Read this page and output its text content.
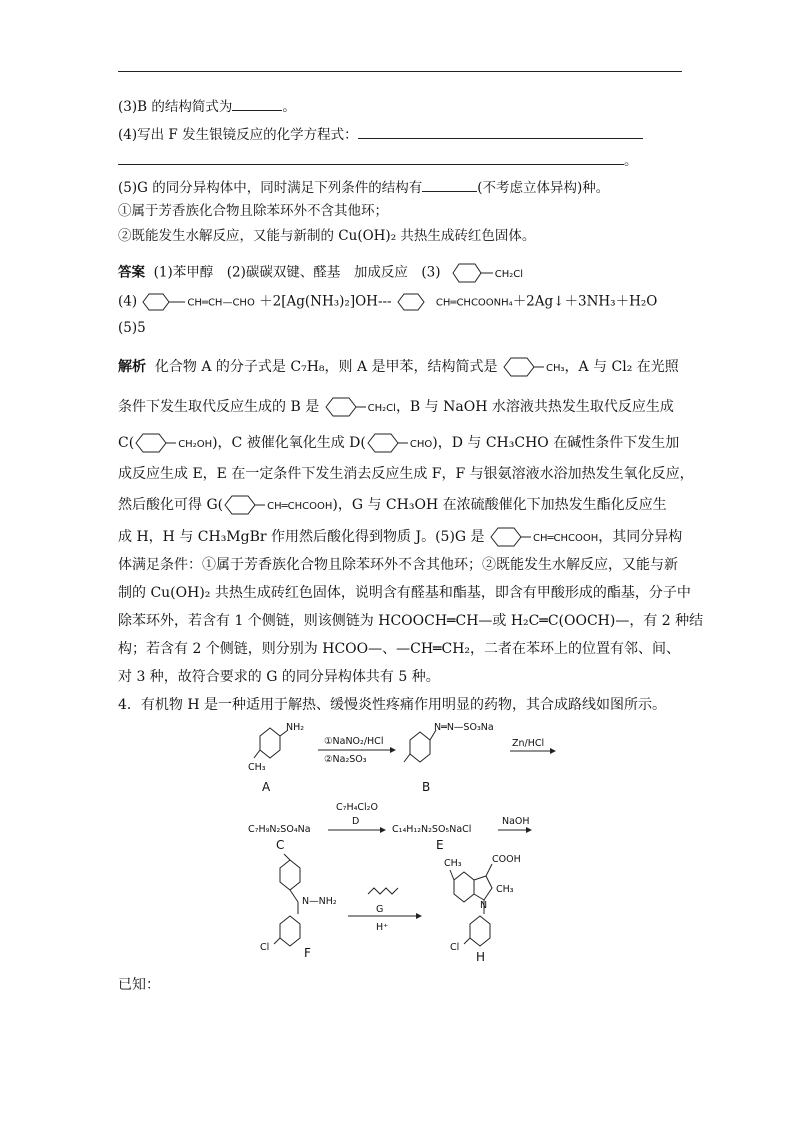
(3)B 的结构简式为	。
(4)写出 F 发生银镜反应的化学方程式：
。
(5)G 的同分异构体中，同时满足下列条件的结构有	(不考虑立体异构)种。
①属于芳香族化合物且除苯环外不含其他环；
②既能发生水解反应，又能与新制的 Cu(OH)₂ 共热生成砖红色固体。
答案 (1)苯甲醇　(2)碳碳双键、醛基　加成反应　(3)	CH₂Cl
(4)	CH═CH—CHO ＋2[Ag(NH₃)₂]OH---	CH═CHCOONH₄＋2Ag↓＋3NH₃＋H₂O
(5)5
解析 化合物 A 的分子式是 C₇H₈，则 A 是甲苯，结构简式是	CH₃，A 与 Cl₂ 在光照
条件下发生取代反应生成的 B 是	CH₂Cl，B 与 NaOH 水溶液共热发生取代反应生成
C(	CH₂OH)，C 被催化氧化生成 D(	CHO)，D 与 CH₃CHO 在碱性条件下发生加
成反应生成 E，E 在一定条件下发生消去反应生成 F，F 与银氨溶液水浴加热发生氧化反应，
然后酸化可得 G(	CH═CHCOOH)，G 与 CH₃OH 在浓硫酸催化下加热发生酯化反应生
成 H，H 与 CH₃MgBr 作用然后酸化得到物质 J。(5)G 是	CH═CHCOOH，其同分异构
体满足条件：①属于芳香族化合物且除苯环外不含其他环；②既能发生水解反应，又能与新
制的 Cu(OH)₂ 共热生成砖红色固体，说明含有醛基和酯基，即含有甲酸形成的酯基，分子中
除苯环外，若含有 1 个侧链，则该侧链为 HCOOCH═CH—或 H₂C═C(OOCH)—，有 2 种结
构；若含有 2 个侧链，则分别为 HCOO—、—CH═CH₂，二者在苯环上的位置有邻、间、
对 3 种，故符合要求的 G 的同分异构体共有 5 种。
4．有机物 H 是一种适用于解热、缓慢炎性疼痛作用明显的药物，其合成路线如图所示。
NH₂
CH₃
A
①NaNO₂/HCl
②Na₂SO₃
N═N—SO₃Na
B
Zn/HCl
C₇H₉N₂SO₄Na
C
C₇H₄Cl₂O
D
C₁₄H₁₂N₂SO₅NaCl
E
NaOH
N—NH₂
Cl	F
G
H⁺
CH₃	COOH
CH₃
N
Cl
H
已知：
